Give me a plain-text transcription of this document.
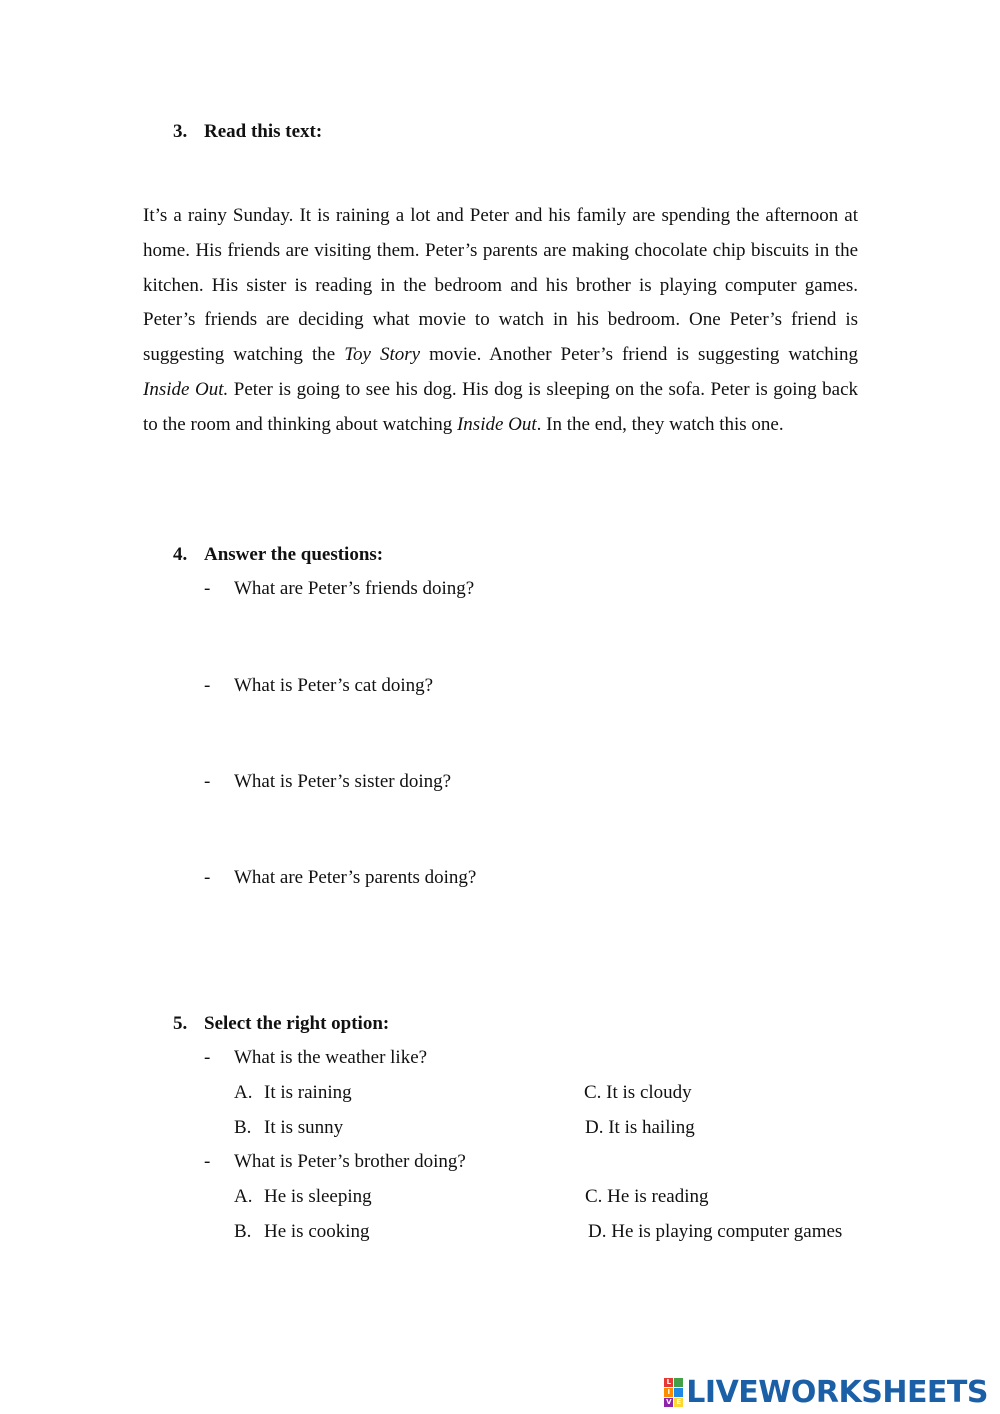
3. Read this text:

It’s a rainy Sunday. It is raining a lot and Peter and his family are spending the afternoon at home. His friends are visiting them. Peter’s parents are making chocolate chip biscuits in the kitchen. His sister is reading in the bedroom and his brother is playing computer games. Peter’s friends are deciding what movie to watch in his bedroom. One Peter’s friend is suggesting watching the Toy Story movie. Another Peter’s friend is suggesting watching Inside Out. Peter is going to see his dog. His dog is sleeping on the sofa. Peter is going back to the room and thinking about watching Inside Out. In the end, they watch this one.

4. Answer the questions:
- What are Peter’s friends doing?
- What is Peter’s cat doing?
- What is Peter’s sister doing?
- What are Peter’s parents doing?
5. Select the right option:
- What is the weather like?
A. It is raining	C. It is cloudy
B. It is sunny	D. It is hailing
- What is Peter’s brother doing?
A. He is sleeping	C. He is reading
B. He is cooking	D. He is playing computer games
L
I
V E LIVEWORKSHEETS
